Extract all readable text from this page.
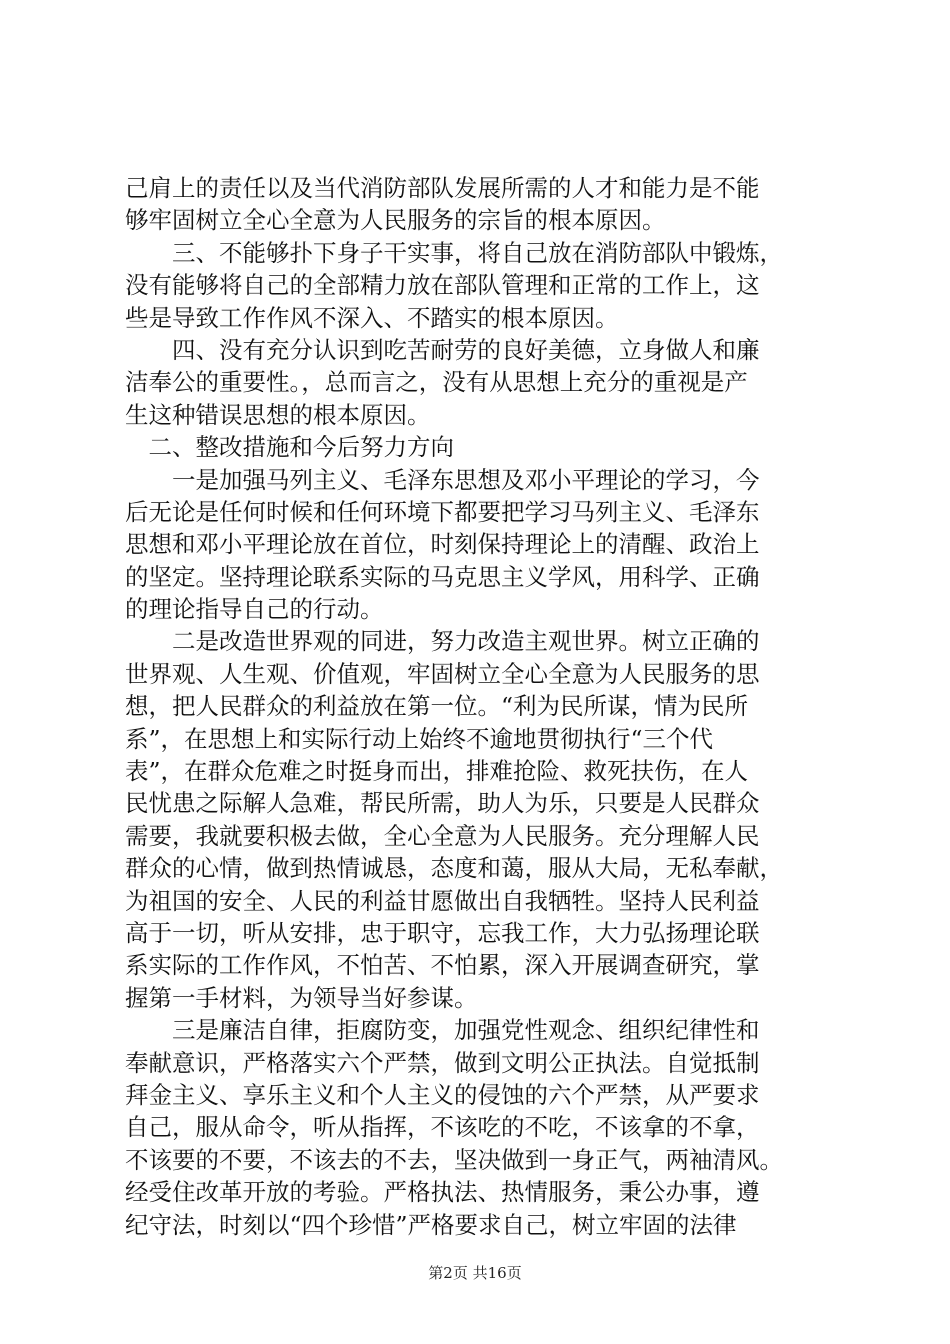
己肩上的责任以及当代消防部队发展所需的人才和能力是不能
够牢固树立全心全意为人民服务的宗旨的根本原因。
　　三、不能够扑下身子干实事，将自己放在消防部队中锻炼，
没有能够将自己的全部精力放在部队管理和正常的工作上，这
些是导致工作作风不深入、不踏实的根本原因。
　　四、没有充分认识到吃苦耐劳的良好美德，立身做人和廉
洁奉公的重要性。，总而言之，没有从思想上充分的重视是产
生这种错误思想的根本原因。
　二、整改措施和今后努力方向
　　一是加强马列主义、毛泽东思想及邓小平理论的学习，今
后无论是任何时候和任何环境下都要把学习马列主义、毛泽东
思想和邓小平理论放在首位，时刻保持理论上的清醒、政治上
的坚定。坚持理论联系实际的马克思主义学风，用科学、正确
的理论指导自己的行动。
　　二是改造世界观的同进，努力改造主观世界。树立正确的
世界观、人生观、价值观，牢固树立全心全意为人民服务的思
想，把人民群众的利益放在第一位。“利为民所谋，情为民所
系”，在思想上和实际行动上始终不逾地贯彻执行“三个代
表”，在群众危难之时挺身而出，排难抢险、救死扶伤，在人
民忧患之际解人急难，帮民所需，助人为乐，只要是人民群众
需要，我就要积极去做，全心全意为人民服务。充分理解人民
群众的心情，做到热情诚恳，态度和蔼，服从大局，无私奉献，
为祖国的安全、人民的利益甘愿做出自我牺牲。坚持人民利益
高于一切，听从安排，忠于职守，忘我工作，大力弘扬理论联
系实际的工作作风，不怕苦、不怕累，深入开展调查研究，掌
握第一手材料，为领导当好参谋。
　　三是廉洁自律，拒腐防变，加强党性观念、组织纪律性和
奉献意识，严格落实六个严禁，做到文明公正执法。自觉抵制
拜金主义、享乐主义和个人主义的侵蚀的六个严禁，从严要求
自己，服从命令，听从指挥，不该吃的不吃，不该拿的不拿，
不该要的不要，不该去的不去，坚决做到一身正气，两袖清风。
经受住改革开放的考验。严格执法、热情服务，秉公办事，遵
纪守法，时刻以“四个珍惜”严格要求自己，树立牢固的法律
第2页 共16页
